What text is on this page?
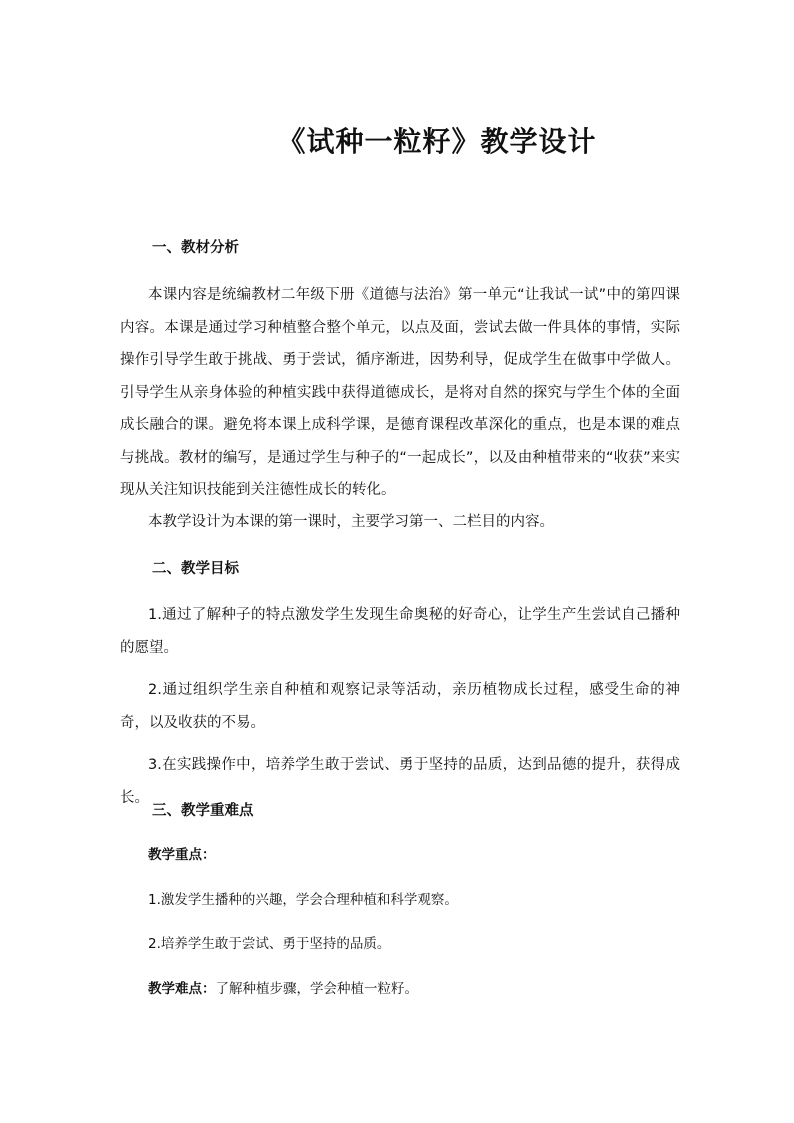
《试种一粒籽》教学设计
一、教材分析

本课内容是统编教材二年级下册《道德与法治》第一单元“让我试一试”中的第四课内容。本课是通过学习种植整合整个单元，以点及面，尝试去做一件具体的事情，实际操作引导学生敢于挑战、勇于尝试，循序渐进，因势利导，促成学生在做事中学做人。引导学生从亲身体验的种植实践中获得道德成长，是将对自然的探究与学生个体的全面成长融合的课。避免将本课上成科学课，是德育课程改革深化的重点，也是本课的难点与挑战。教材的编写，是通过学生与种子的“一起成长”，以及由种植带来的“收获”来实现从关注知识技能到关注德性成长的转化。

本教学设计为本课的第一课时，主要学习第一、二栏目的内容。

二、教学目标

1.通过了解种子的特点激发学生发现生命奥秘的好奇心，让学生产生尝试自己播种的愿望。

2.通过组织学生亲自种植和观察记录等活动，亲历植物成长过程，感受生命的神奇，以及收获的不易。

3.在实践操作中，培养学生敢于尝试、勇于坚持的品质，达到品德的提升，获得成长。

三、教学重难点
教学重点：
1.激发学生播种的兴趣，学会合理种植和科学观察。
2.培养学生敢于尝试、勇于坚持的品质。
教学难点：了解种植步骤，学会种植一粒籽。
